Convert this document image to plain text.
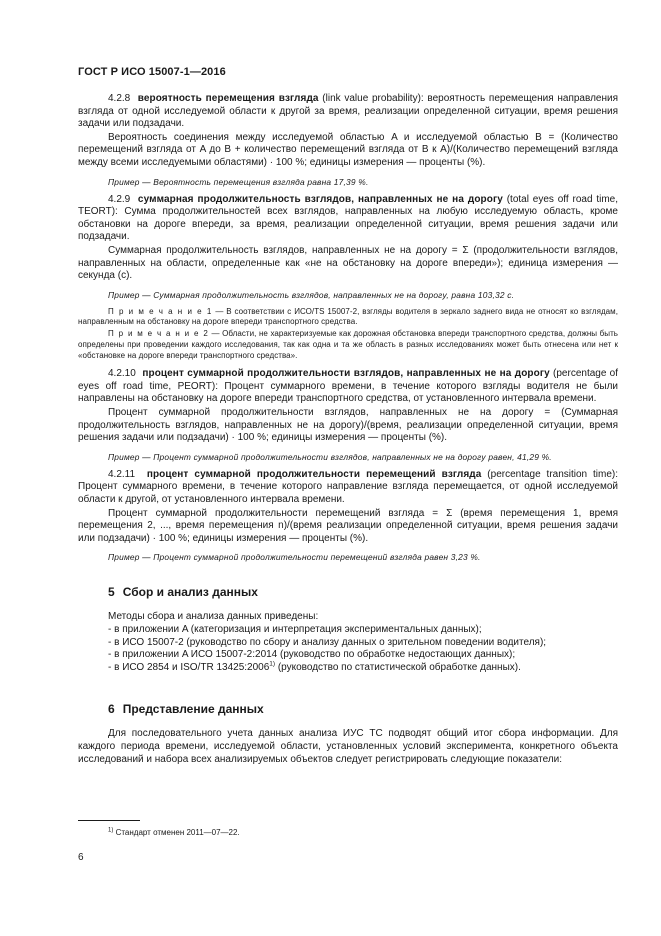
ГОСТ Р ИСО 15007-1—2016

4.2.8 вероятность перемещения взгляда (link value probability): вероятность перемещения направления взгляда от одной исследуемой области к другой за время, реализации определенной ситуации, время решения задачи или подзадачи.

Вероятность соединения между исследуемой областью A и исследуемой областью B = (Количество перемещений взгляда от A до B + количество перемещений взгляда от B к A)/(Количество перемещений взгляда между всеми исследуемыми областями) · 100 %; единицы измерения — проценты (%).

Пример — Вероятность перемещения взгляда равна 17,39 %.

4.2.9 суммарная продолжительность взглядов, направленных не на дорогу (total eyes off road time, TEORT): Сумма продолжительностей всех взглядов, направленных на любую исследуемую область, кроме обстановки на дороге впереди, за время, реализации определенной ситуации, время решения задачи или подзадачи.

Суммарная продолжительность взглядов, направленных не на дорогу = Σ (продолжительности взглядов, направленных на области, определенные как «не на обстановку на дороге впереди»); единица измерения — секунда (с).

Пример — Суммарная продолжительность взглядов, направленных не на дорогу, равна 103,32 с.

П р и м е ч а н и е 1 — В соответствии с ИСО/TS 15007-2, взгляды водителя в зеркало заднего вида не относят ко взглядам, направленным на обстановку на дороге впереди транспортного средства.

П р и м е ч а н и е 2 — Области, не характеризуемые как дорожная обстановка впереди транспортного средства, должны быть определены при проведении каждого исследования, так как одна и та же область в разных исследованиях может быть отнесена или нет к «обстановке на дороге впереди транспортного средства».

4.2.10 процент суммарной продолжительности взглядов, направленных не на дорогу (percentage of eyes off road time, PEORT): Процент суммарного времени, в течение которого взгляды водителя не были направлены на обстановку на дороге впереди транспортного средства, от установленного интервала времени.

Процент суммарной продолжительности взглядов, направленных не на дорогу = (Суммарная продолжительность взглядов, направленных не на дорогу)/(время, реализации определенной ситуации, время решения задачи или подзадачи) · 100 %; единицы измерения — проценты (%).

Пример — Процент суммарной продолжительности взглядов, направленных не на дорогу равен, 41,29 %.

4.2.11 процент суммарной продолжительности перемещений взгляда (percentage transition time): Процент суммарного времени, в течение которого направление взгляда перемещается, от одной исследуемой области к другой, от установленного интервала времени.

Процент суммарной продолжительности перемещений взгляда = Σ (время перемещения 1, время перемещения 2, ..., время перемещения n)/(время реализации определенной ситуации, время решения задачи или подзадачи) · 100 %; единицы измерения — проценты (%).

Пример — Процент суммарной продолжительности перемещений взгляда равен 3,23 %.

5 Сбор и анализ данных

Методы сбора и анализа данных приведены:

- в приложении A (категоризация и интерпретация экспериментальных данных);

- в ИСО 15007-2 (руководство по сбору и анализу данных о зрительном поведении водителя);

- в приложении A ИСО 15007-2:2014 (руководство по обработке недостающих данных);

- в ИСО 2854 и ISO/TR 13425:2006$^{1)}$ (руководство по статистической обработке данных).

6 Представление данных

Для последовательного учета данных анализа ИУС ТС подводят общий итог сбора информации. Для каждого периода времени, исследуемой области, установленных условий эксперимента, конкретного объекта исследований и набора всех анализируемых объектов следует регистрировать следующие показатели:

$^{1)}$ Стандарт отменен 2011—07—22.
6
